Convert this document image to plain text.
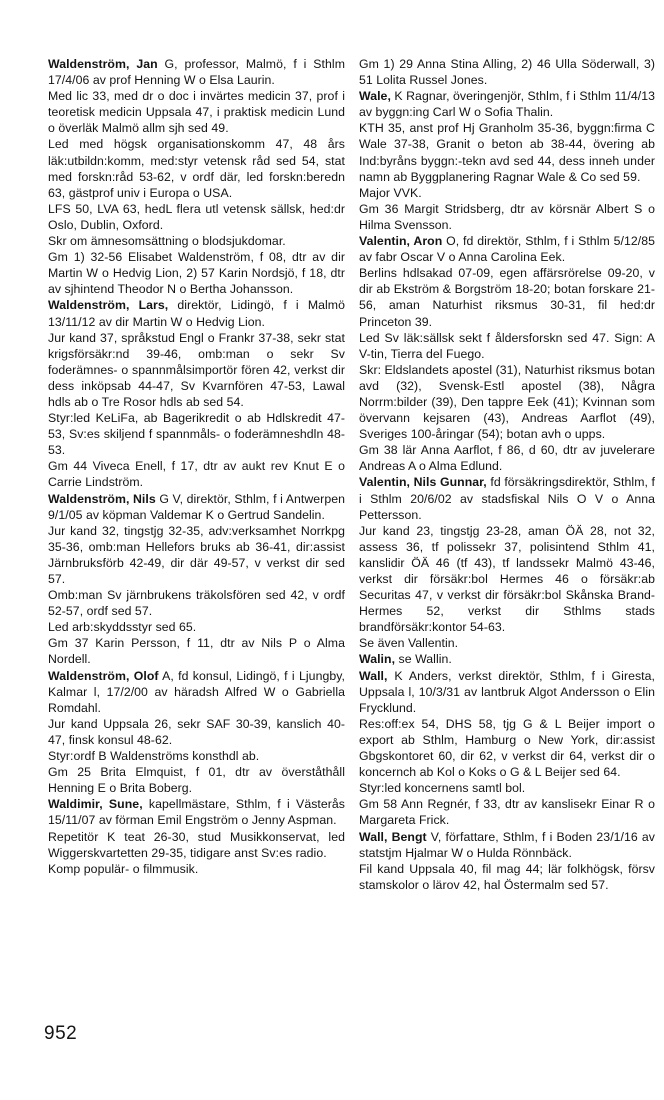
Waldenström, Jan G, professor, Malmö, f i Sthlm 17/4/06 av prof Henning W o Elsa Laurin.

Med lic 33, med dr o doc i invärtes medicin 37, prof i teoretisk medicin Uppsala 47, i praktisk medicin Lund o överläk Malmö allm sjh sed 49.

Led med högsk organisationskomm 47, 48 års läk:utbildn:komm, med:styr vetensk råd sed 54, stat med forskn:råd 53-62, v ordf där, led forskn:beredn 63, gästprof univ i Europa o USA.

LFS 50, LVA 63, hedL flera utl vetensk sällsk, hed:dr Oslo, Dublin, Oxford.

Skr om ämnesomsättning o blodsjukdomar.

Gm 1) 32-56 Elisabet Waldenström, f 08, dtr av dir Martin W o Hedvig Lion, 2) 57 Karin Nordsjö, f 18, dtr av sjhintend Theodor N o Bertha Johansson.

Waldenström, Lars, direktör, Lidingö, f i Malmö 13/11/12 av dir Martin W o Hedvig Lion.

Jur kand 37, språkstud Engl o Frankr 37-38, sekr stat krigsförsäkr:nd 39-46, omb:man o sekr Sv foderämnes- o spannmålsimportör fören 42, verkst dir dess inköpsab 44-47, Sv Kvarnfören 47-53, Lawal hdls ab o Tre Rosor hdls ab sed 54.

Styr:led KeLiFa, ab Bagerikredit o ab Hdlskredit 47-53, Sv:es skiljend f spannmåls- o foderämneshdln 48-53.

Gm 44 Viveca Enell, f 17, dtr av aukt rev Knut E o Carrie Lindström.

Waldenström, Nils G V, direktör, Sthlm, f i Antwerpen 9/1/05 av köpman Valdemar K o Gertrud Sandelin.

Jur kand 32, tingstjg 32-35, adv:verksamhet Norrkpg 35-36, omb:man Hellefors bruks ab 36-41, dir:assist Järnbruksförb 42-49, dir där 49-57, v verkst dir sed 57.

Omb:man Sv järnbrukens träkolsfören sed 42, v ordf 52-57, ordf sed 57.

Led arb:skyddsstyr sed 65.

Gm 37 Karin Persson, f 11, dtr av Nils P o Alma Nordell.

Waldenström, Olof A, fd konsul, Lidingö, f i Ljungby, Kalmar l, 17/2/00 av häradsh Alfred W o Gabriella Romdahl.

Jur kand Uppsala 26, sekr SAF 30-39, kanslich 40-47, finsk konsul 48-62.

Styr:ordf B Waldenströms konsthdl ab.

Gm 25 Brita Elmquist, f 01, dtr av överståthåll Henning E o Brita Boberg.

Waldimir, Sune, kapellmästare, Sthlm, f i Västerås 15/11/07 av förman Emil Engström o Jenny Aspman.

Repetitör K teat 26-30, stud Musikkonservat, led Wiggerskvartetten 29-35, tidigare anst Sv:es radio.

Komp populär- o filmmusik.

Gm 1) 29 Anna Stina Alling, 2) 46 Ulla Söderwall, 3) 51 Lolita Russel Jones.

Wale, K Ragnar, överingenjör, Sthlm, f i Sthlm 11/4/13 av byggn:ing Carl W o Sofia Thalin.

KTH 35, anst prof Hj Granholm 35-36, byggn:firma C Wale 37-38, Granit o beton ab 38-44, övering ab Ind:byråns byggn:-tekn avd sed 44, dess inneh under namn ab Byggplanering Ragnar Wale & Co sed 59.

Major VVK.

Gm 36 Margit Stridsberg, dtr av körsnär Albert S o Hilma Svensson.

Valentin, Aron O, fd direktör, Sthlm, f i Sthlm 5/12/85 av fabr Oscar V o Anna Carolina Eek.

Berlins hdlsakad 07-09, egen affärsrörelse 09-20, v dir ab Ekström & Borgström 18-20; botan forskare 21-56, aman Naturhist riksmus 30-31, fil hed:dr Princeton 39.

Led Sv läk:sällsk sekt f åldersforskn sed 47. Sign: A V-tin, Tierra del Fuego.

Skr: Eldslandets apostel (31), Naturhist riksmus botan avd (32), Svensk-Estl apostel (38), Några Norrm:bilder (39), Den tappre Eek (41); Kvinnan som övervann kejsaren (43), Andreas Aarflot (49), Sveriges 100-åringar (54); botan avh o upps.

Gm 38 lär Anna Aarflot, f 86, d 60, dtr av juvelerare Andreas A o Alma Edlund.

Valentin, Nils Gunnar, fd försäkringsdirektör, Sthlm, f i Sthlm 20/6/02 av stadsfiskal Nils O V o Anna Pettersson.

Jur kand 23, tingstjg 23-28, aman ÖÄ 28, not 32, assess 36, tf polissekr 37, polisintend Sthlm 41, kanslidir ÖÄ 46 (tf 43), tf landssekr Malmö 43-46, verkst dir försäkr:bol Hermes 46 o försäkr:ab Securitas 47, v verkst dir försäkr:bol Skånska Brand-Hermes 52, verkst dir Sthlms stads brandförsäkr:kontor 54-63.

Se även Vallentin.

Walin, se Wallin.

Wall, K Anders, verkst direktör, Sthlm, f i Giresta, Uppsala l, 10/3/31 av lantbruk Algot Andersson o Elin Frycklund.

Res:off:ex 54, DHS 58, tjg G & L Beijer import o export ab Sthlm, Hamburg o New York, dir:assist Gbgskontoret 60, dir 62, v verkst dir 64, verkst dir o koncernch ab Kol o Koks o G & L Beijer sed 64.

Styr:led koncernens samtl bol.

Gm 58 Ann Regnér, f 33, dtr av kanslisekr Einar R o Margareta Frick.

Wall, Bengt V, författare, Sthlm, f i Boden 23/1/16 av statstjm Hjalmar W o Hulda Rönnbäck.

Fil kand Uppsala 40, fil mag 44; lär folkhögsk, försv stamskolor o lärov 42, hal Östermalm sed 57.

952
